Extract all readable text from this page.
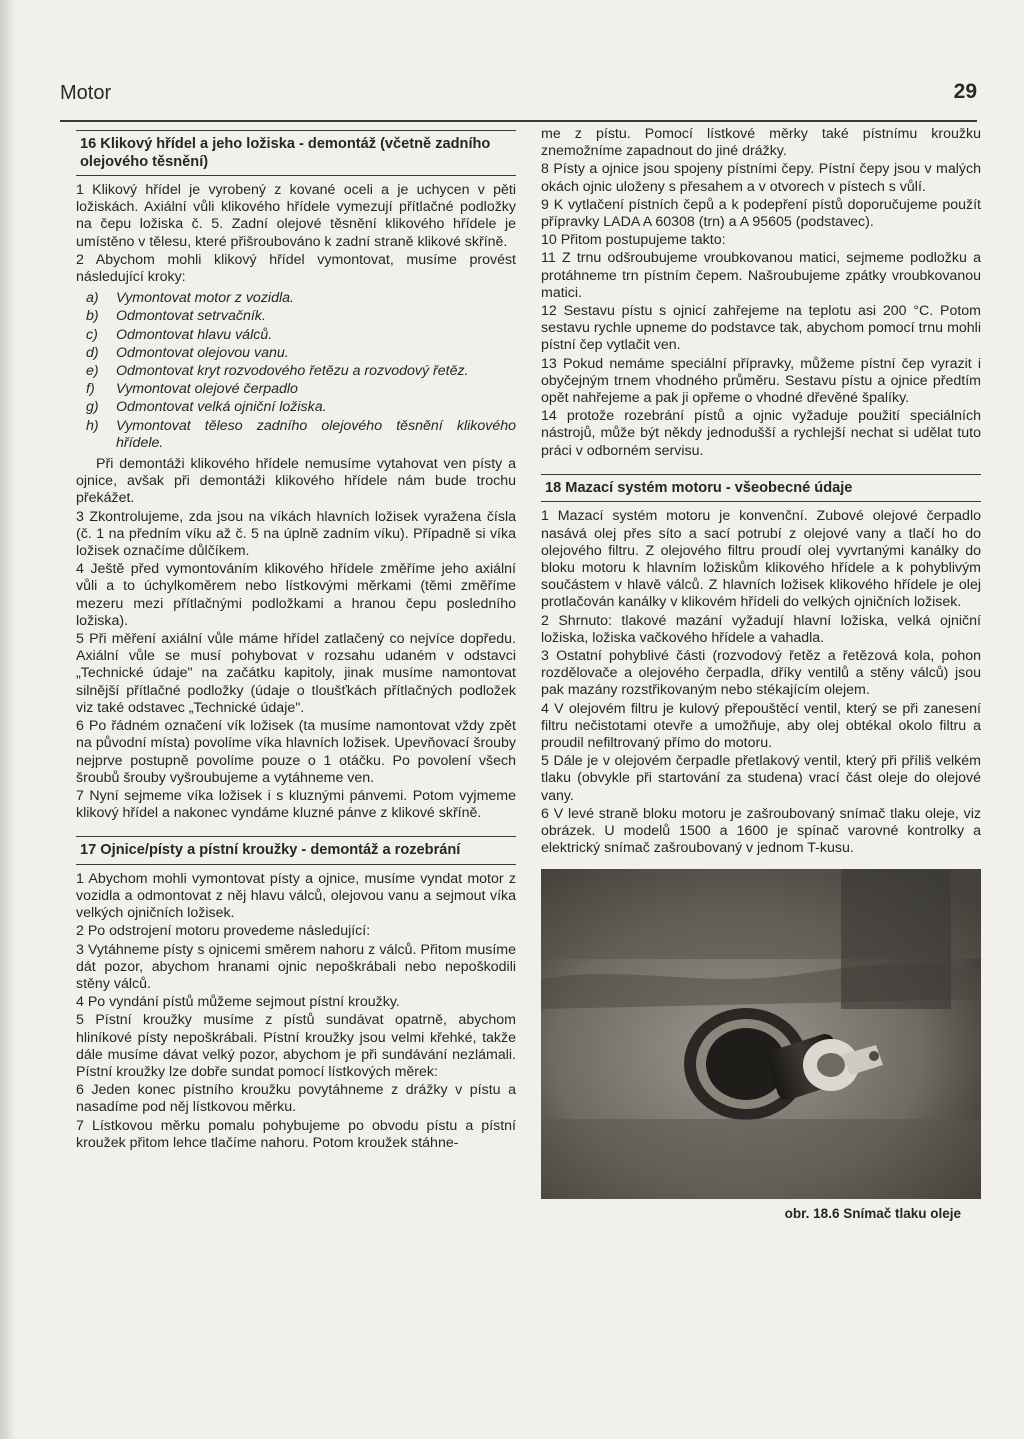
Motor	29
16 Klikový hřídel a jeho ložiska - demontáž (včetně zadního olejového těsnění)

1 Klikový hřídel je vyrobený z kované oceli a je uchycen v pěti ložiskách. Axiální vůli klikového hřídele vymezují přítlačné podložky na čepu ložiska č. 5. Zadní olejové těsnění klikového hřídele je umístěno v tělesu, které přišroubováno k zadní straně klikové skříně.

2 Abychom mohli klikový hřídel vymontovat, musíme provést následující kroky:

a)	Vymontovat motor z vozidla.
b)	Odmontovat setrvačník.
c)	Odmontovat hlavu válců.
d)	Odmontovat olejovou vanu.
e)	Odmontovat kryt rozvodového řetězu a rozvodový řetěz.
f)	Vymontovat olejové čerpadlo
g)	Odmontovat velká ojniční ložiska.
h)	Vymontovat těleso zadního olejového těsnění klikového hřídele.

Při demontáži klikového hřídele nemusíme vytahovat ven písty a ojnice, avšak při demontáži klikového hřídele nám bude trochu překážet.

3 Zkontrolujeme, zda jsou na víkách hlavních ložisek vyražena čísla (č. 1 na předním víku až č. 5 na úplně zadním víku). Případně si víka ložisek označíme důlčíkem.

4 Ještě před vymontováním klikového hřídele změříme jeho axiální vůli a to úchylkoměrem nebo lístkovými měrkami (těmi změříme mezeru mezi přítlačnými podložkami a hranou čepu posledního ložiska).

5 Při měření axiální vůle máme hřídel zatlačený co nejvíce dopředu. Axiální vůle se musí pohybovat v rozsahu udaném v odstavci „Technické údaje" na začátku kapitoly, jinak musíme namontovat silnější přítlačné podložky (údaje o tloušťkách přítlačných podložek viz také odstavec „Technické údaje".

6 Po řádném označení vík ložisek (ta musíme namontovat vždy zpět na původní místa) povolíme víka hlavních ložisek. Upevňovací šrouby nejprve postupně povolíme pouze o 1 otáčku. Po povolení všech šroubů šrouby vyšroubujeme a vytáhneme ven.

7 Nyní sejmeme víka ložisek i s kluznými pánvemi. Potom vyjmeme klikový hřídel a nakonec vyndáme kluzné pánve z klikové skříně.

17 Ojnice/písty a pístní kroužky - demontáž a rozebrání

1 Abychom mohli vymontovat písty a ojnice, musíme vyndat motor z vozidla a odmontovat z něj hlavu válců, olejovou vanu a sejmout víka velkých ojničních ložisek.

2 Po odstrojení motoru provedeme následující:

3 Vytáhneme písty s ojnicemi směrem nahoru z válců. Přitom musíme dát pozor, abychom hranami ojnic nepoškrábali nebo nepoškodili stěny válců.

4 Po vyndání pístů můžeme sejmout pístní kroužky.

5 Pístní kroužky musíme z pístů sundávat opatrně, abychom hliníkové písty nepoškrábali. Pístní kroužky jsou velmi křehké, takže dále musíme dávat velký pozor, abychom je při sundávání nezlámali. Pístní kroužky lze dobře sundat pomocí lístkových měrek:

6 Jeden konec pístního kroužku povytáhneme z drážky v pístu a nasadíme pod něj lístkovou měrku.

7 Lístkovou měrku pomalu pohybujeme po obvodu pístu a pístní kroužek přitom lehce tlačíme nahoru. Potom kroužek stáhne-

me z pístu. Pomocí lístkové měrky také pístnímu kroužku znemožníme zapadnout do jiné drážky.

8 Písty a ojnice jsou spojeny pístními čepy. Pístní čepy jsou v malých okách ojnic uloženy s přesahem a v otvorech v pístech s vůlí.

9 K vytlačení pístních čepů a k podepření pístů doporučujeme použít přípravky LADA A 60308 (trn) a A 95605 (podstavec).

10 Přitom postupujeme takto:

11 Z trnu odšroubujeme vroubkovanou matici, sejmeme podložku a protáhneme trn pístním čepem. Našroubujeme zpátky vroubkovanou matici.

12 Sestavu pístu s ojnicí zahřejeme na teplotu asi 200 °C. Potom sestavu rychle upneme do podstavce tak, abychom pomocí trnu mohli pístní čep vytlačit ven.

13 Pokud nemáme speciální přípravky, můžeme pístní čep vyrazit i obyčejným trnem vhodného průměru. Sestavu pístu a ojnice předtím opět nahřejeme a pak ji opřeme o vhodné dřevěné špalíky.

14 protože rozebrání pístů a ojnic vyžaduje použití speciálních nástrojů, může být někdy jednodušší a rychlejší nechat si udělat tuto práci v odborném servisu.

18 Mazací systém motoru - všeobecné údaje

1 Mazací systém motoru je konvenční. Zubové olejové čerpadlo nasává olej přes síto a sací potrubí z olejové vany a tlačí ho do olejového filtru. Z olejového filtru proudí olej vyvrtanými kanálky do bloku motoru k hlavním ložiskům klikového hřídele a k pohyblivým součástem v hlavě válců. Z hlavních ložisek klikového hřídele je olej protlačován kanálky v klikovém hřídeli do velkých ojničních ložisek.

2 Shrnuto: tlakové mazání vyžadují hlavní ložiska, velká ojniční ložiska, ložiska vačkového hřídele a vahadla.

3 Ostatní pohyblivé části (rozvodový řetěz a řetězová kola, pohon rozdělovače a olejového čerpadla, dříky ventilů a stěny válců) jsou pak mazány rozstřikovaným nebo stékajícím olejem.

4 V olejovém filtru je kulový přepouštěcí ventil, který se při zanesení filtru nečistotami otevře a umožňuje, aby olej obtékal okolo filtru a proudil nefiltrovaný přímo do motoru.

5 Dále je v olejovém čerpadle přetlakový ventil, který při příliš velkém tlaku (obvykle při startování za studena) vrací část oleje do olejové vany.

6 V levé straně bloku motoru je zašroubovaný snímač tlaku oleje, viz obrázek. U modelů 1500 a 1600 je spínač varovné kontrolky a elektrický snímač zašroubovaný v jednom T-kusu.

obr. 18.6 Snímač tlaku oleje
